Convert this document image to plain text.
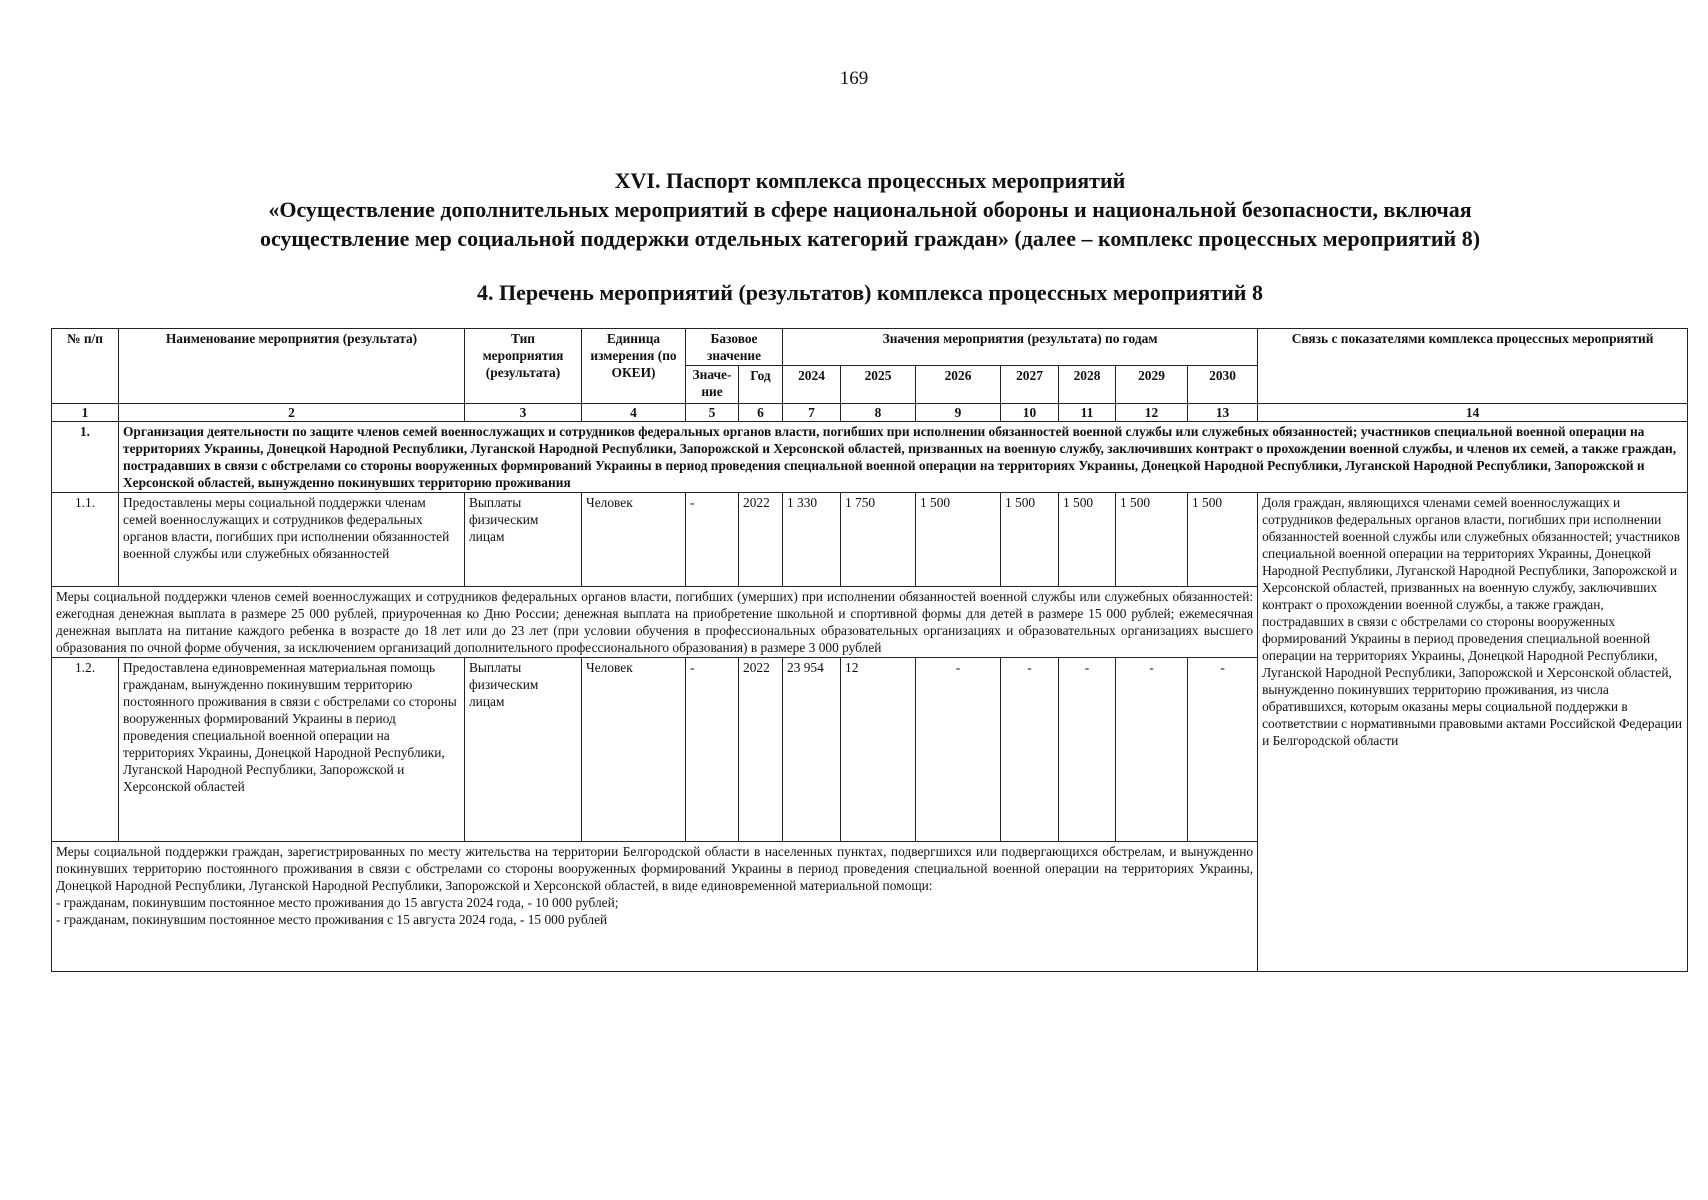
169
XVI. Паспорт комплекса процессных мероприятий
«Осуществление дополнительных мероприятий в сфере национальной обороны и национальной безопасности, включая
осуществление мер социальной поддержки отдельных категорий граждан» (далее – комплекс процессных мероприятий 8)
4. Перечень мероприятий (результатов) комплекса процессных мероприятий 8
№ п/п	Наименование мероприятия (результата)	Тип мероприятия (результата)	Единица измерения (по ОКЕИ)	Базовое значение		Значения мероприятия (результата) по годам							Связь с показателями комплекса процессных мероприятий
				Значе-ние	Год	2024	2025	2026	2027	2028	2029	2030	
1	2	3	4	5	6	7	8	9	10	11	12	13	14
1.	Организация деятельности по защите членов семей военнослужащих и сотрудников федеральных органов власти, погибших при исполнении обязанностей военной службы или служебных обязанностей; участников специальной военной операции на территориях Украины, Донецкой Народной Республики, Луганской Народной Республики, Запорожской и Херсонской областей, призванных на военную службу, заключивших контракт о прохождении военной службы, и членов их семей, а также граждан, пострадавших в связи с обстрелами со стороны вооруженных формирований Украины в период проведения специальной военной операции на территориях Украины, Донецкой Народной Республики, Луганской Народной Республики, Запорожской и Херсонской областей, вынужденно покинувших территорию проживания												
1.1.	Предоставлены меры социальной поддержки членам семей военнослужащих и сотрудников федеральных органов власти, погибших при исполнении обязанностей военной службы или служебных обязанностей	Выплаты физическим лицам	Человек	-	2022	1 330	1 750	1 500	1 500	1 500	1 500	1 500	Доля граждан, являющихся членами семей военнослужащих и сотрудников федеральных органов власти, погибших при исполнении обязанностей военной службы или служебных обязанностей; участников специальной военной операции на территориях Украины, Донецкой Народной Республики, Луганской Народной Республики, Запорожской и Херсонской областей, призванных на военную службу, заключивших контракт о прохождении военной службы, а также граждан, пострадавших в связи с обстрелами со стороны вооруженных формирований Украины в период проведения специальной военной операции на территориях Украины, Донецкой Народной Республики, Луганской Народной Республики, Запорожской и Херсонской областей, вынужденно покинувших территорию проживания, из числа обратившихся, которым оказаны меры социальной поддержки в соответствии с нормативными правовыми актами Российской Федерации и Белгородской области
Меры социальной поддержки членов семей военнослужащих и сотрудников федеральных органов власти, погибших (умерших) при исполнении обязанностей военной службы или служебных обязанностей: ежегодная денежная выплата в размере 25 000 рублей, приуроченная ко Дню России; денежная выплата на приобретение школьной и спортивной формы для детей в размере 15 000 рублей; ежемесячная денежная выплата на питание каждого ребенка в возрасте до 18 лет или до 23 лет (при условии обучения в профессиональных образовательных организациях и образовательных организациях высшего образования по очной форме обучения, за исключением организаций дополнительного профессионального образования) в размере 3 000 рублей													
1.2.	Предоставлена единовременная материальная помощь гражданам, вынужденно покинувшим территорию постоянного проживания в связи с обстрелами со стороны вооруженных формирований Украины в период проведения специальной военной операции на территориях Украины, Донецкой Народной Республики, Луганской Народной Республики, Запорожской и Херсонской областей	Выплаты физическим лицам	Человек	-	2022	23 954	12	-	-	-	-	-	

Меры социальной поддержки граждан, зарегистрированных по месту жительства на территории Белгородской области в населенных пунктах, подвергшихся или подвергающихся обстрелам, и вынужденно покинувших территорию постоянного проживания в связи с обстрелами со стороны вооруженных формирований Украины в период проведения специальной военной операции на территориях Украины, Донецкой Народной Республики, Луганской Народной Республики, Запорожской и Херсонской областей, в виде единовременной материальной помощи:
- гражданам, покинувшим постоянное место проживания до 15 августа 2024 года, - 10 000 рублей;
- гражданам, покинувшим постоянное место проживания с 15 августа 2024 года, - 15 000 рублей													
